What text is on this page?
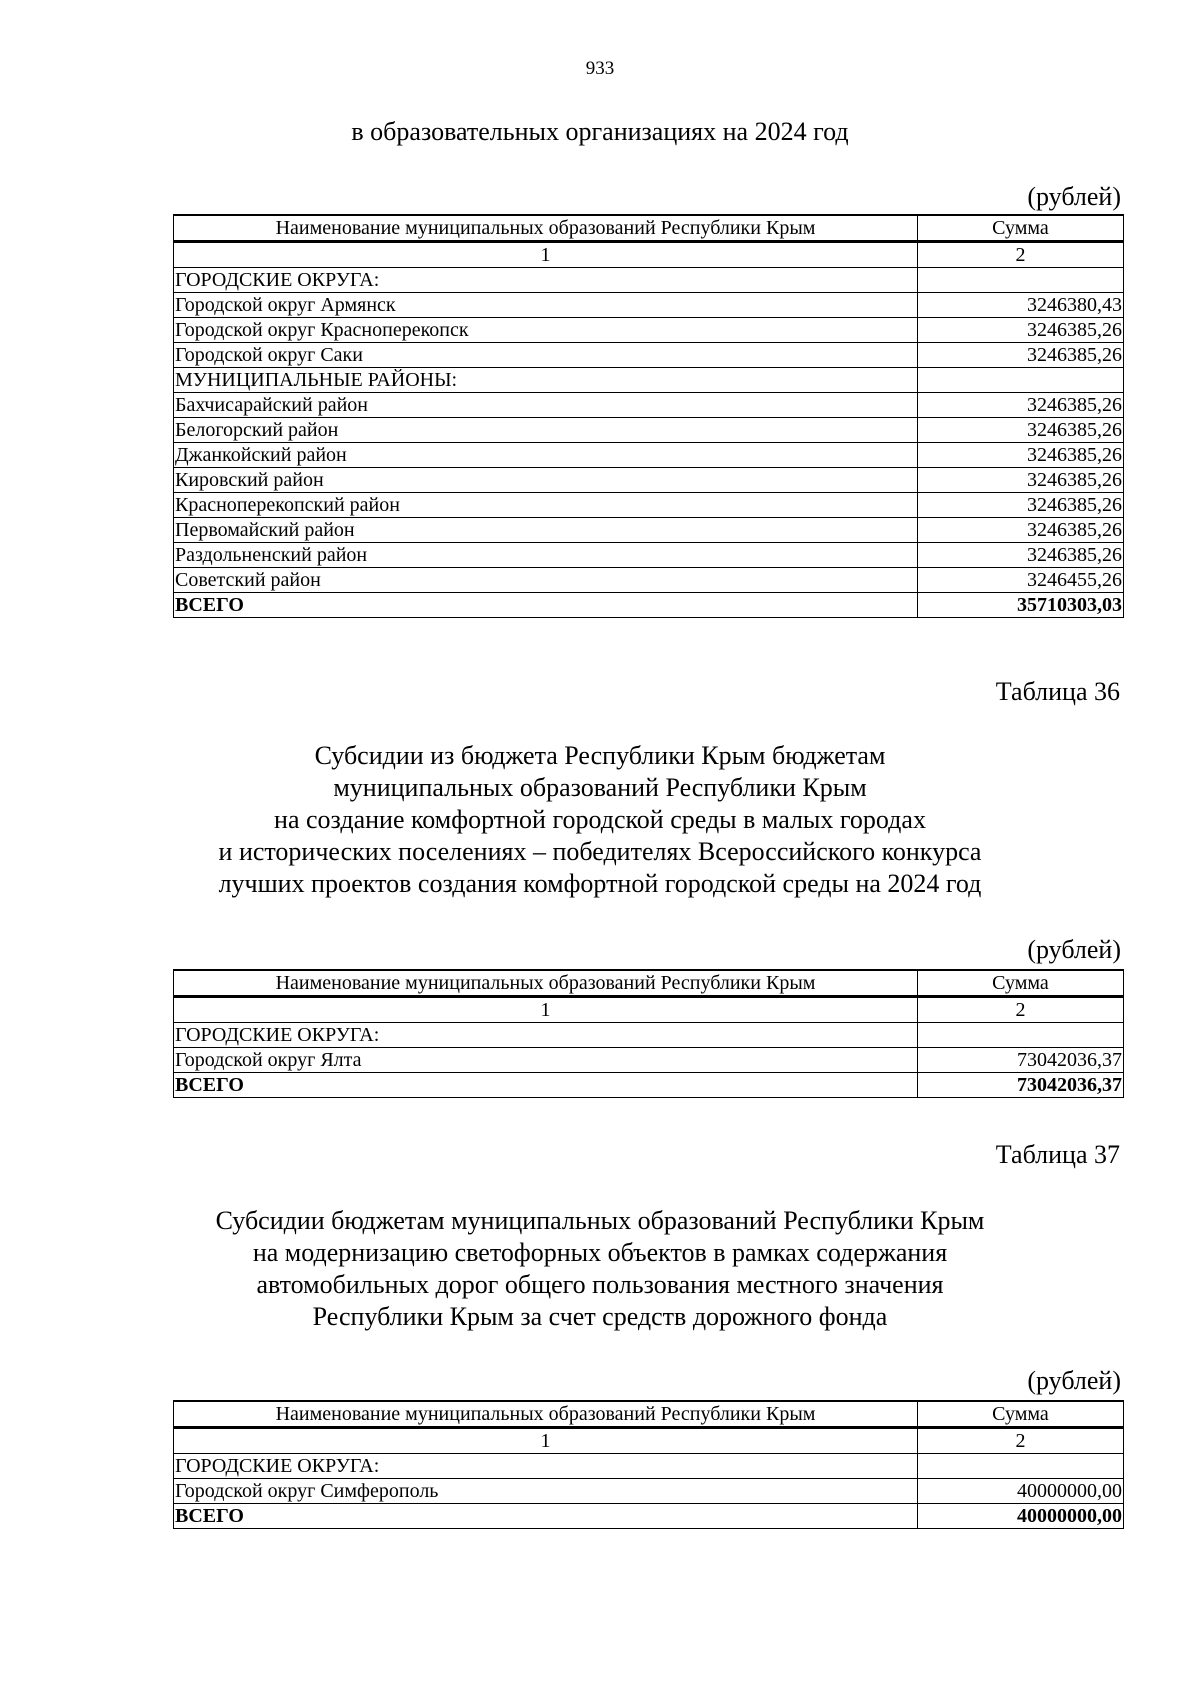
933
в образовательных организациях на 2024 год
(рублей)
Наименование муниципальных образований Республики Крым	Сумма
1	2
ГОРОДСКИЕ ОКРУГА:	
Городской округ Армянск	3246380,43
Городской округ Красноперекопск	3246385,26
Городской округ Саки	3246385,26
МУНИЦИПАЛЬНЫЕ РАЙОНЫ:	
Бахчисарайский район	3246385,26
Белогорский район	3246385,26
Джанкойский район	3246385,26
Кировский район	3246385,26
Красноперекопский район	3246385,26
Первомайский район	3246385,26
Раздольненский район	3246385,26
Советский район	3246455,26
ВСЕГО	35710303,03
Таблица 36
Субсидии из бюджета Республики Крым бюджетам
муниципальных образований Республики Крым
на создание комфортной городской среды в малых городах
и исторических поселениях – победителях Всероссийского конкурса
лучших проектов создания комфортной городской среды на 2024 год
(рублей)
Наименование муниципальных образований Республики Крым	Сумма
1	2
ГОРОДСКИЕ ОКРУГА:	
Городской округ Ялта	73042036,37
ВСЕГО	73042036,37
Таблица 37
Субсидии бюджетам муниципальных образований Республики Крым
на модернизацию светофорных объектов в рамках содержания
автомобильных дорог общего пользования местного значения
Республики Крым за счет средств дорожного фонда
(рублей)
Наименование муниципальных образований Республики Крым	Сумма
1	2
ГОРОДСКИЕ ОКРУГА:	
Городской округ Симферополь	40000000,00
ВСЕГО	40000000,00
